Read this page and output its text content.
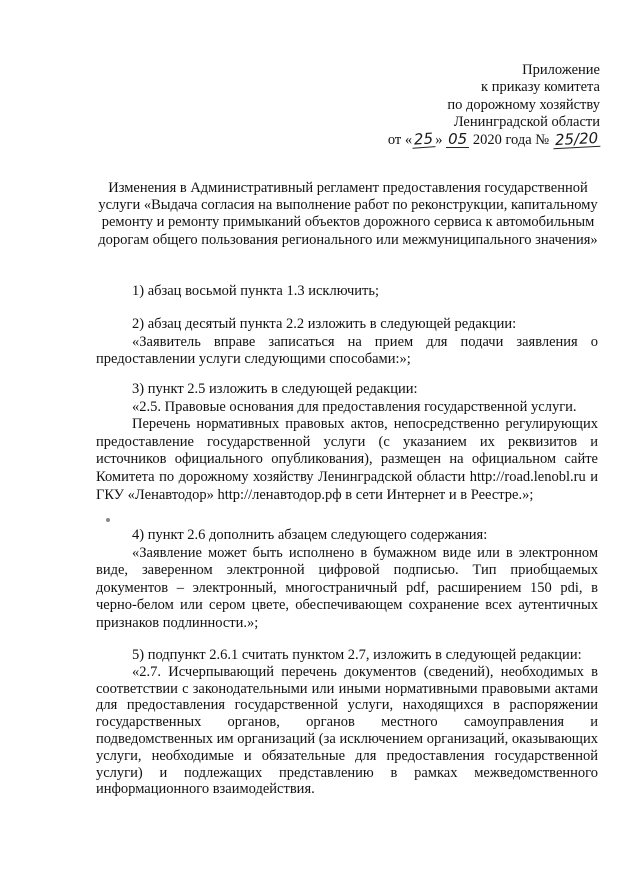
Приложение
к приказу комитета
по дорожному хозяйству
Ленинградской области
от «25» 05 2020 года № 25/20
Изменения в Административный регламент предоставления государственной услуги «Выдача согласия на выполнение работ по реконструкции, капитальному ремонту и ремонту примыканий объектов дорожного сервиса к автомобильным дорогам общего пользования регионального или межмуниципального значения»

1) абзац восьмой пункта 1.3 исключить;

2) абзац десятый пункта 2.2 изложить в следующей редакции:

«Заявитель вправе записаться на прием для подачи заявления о предоставлении услуги следующими способами:»;

3) пункт 2.5 изложить в следующей редакции:

«2.5. Правовые основания для предоставления государственной услуги.

Перечень нормативных правовых актов, непосредственно регулирующих предоставление государственной услуги (с указанием их реквизитов и источников официального опубликования), размещен на официальном сайте Комитета по дорожному хозяйству Ленинградской области http://road.lenobl.ru и ГКУ «Ленавтодор» http://ленавтодор.рф в сети Интернет и в Реестре.»;

4) пункт 2.6 дополнить абзацем следующего содержания:

«Заявление может быть исполнено в бумажном виде или в электронном виде, заверенном электронной цифровой подписью. Тип приобщаемых документов – электронный, многостраничный pdf, расширением 150 pdi, в черно-белом или сером цвете, обеспечивающем сохранение всех аутентичных признаков подлинности.»;

5) подпункт 2.6.1 считать пунктом 2.7, изложить в следующей редакции:

«2.7. Исчерпывающий перечень документов (сведений), необходимых в соответствии с законодательными или иными нормативными правовыми актами для предоставления государственной услуги, находящихся в распоряжении государственных органов, органов местного самоуправления и подведомственных им организаций (за исключением организаций, оказывающих услуги, необходимые и обязательные для предоставления государственной услуги) и подлежащих представлению в рамках межведомственного информационного взаимодействия.
